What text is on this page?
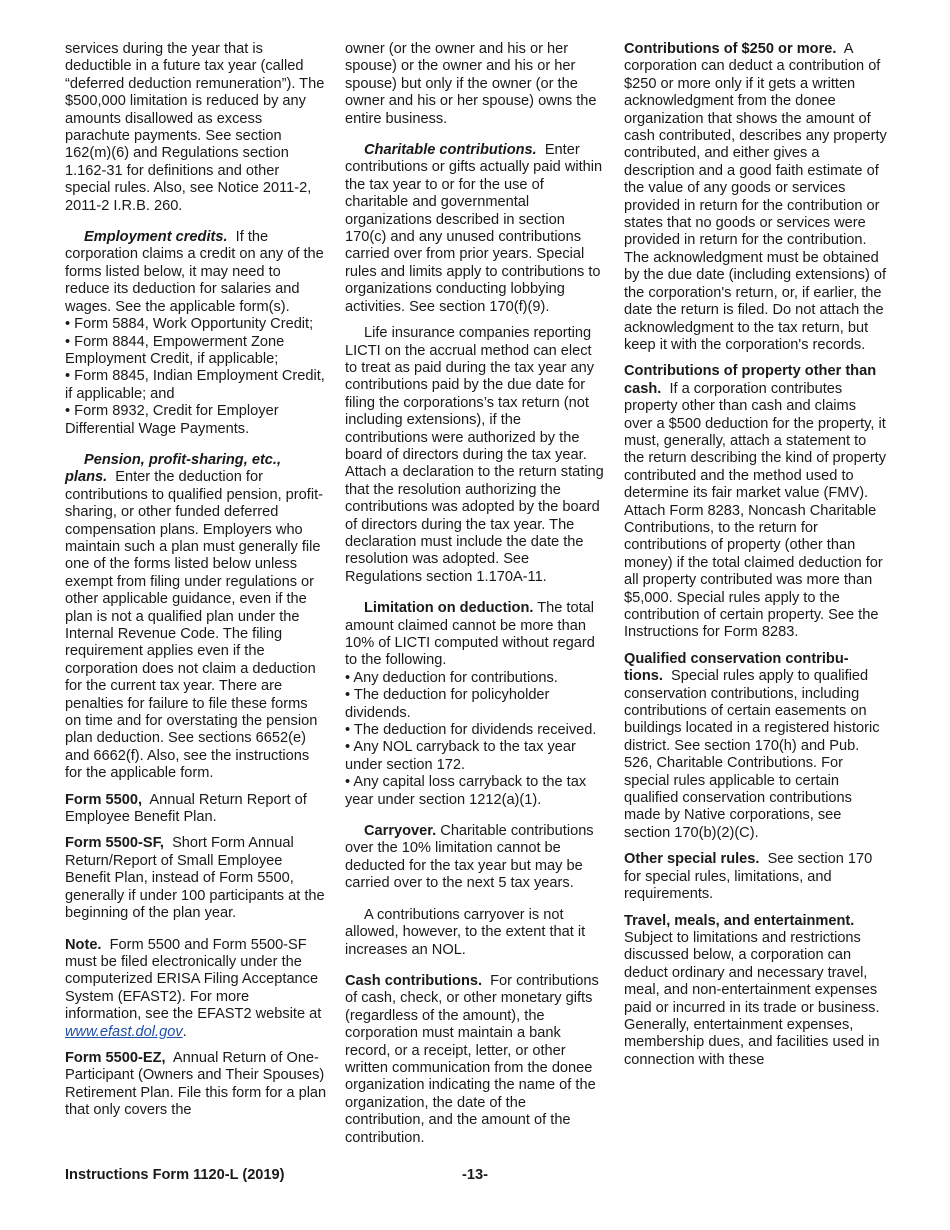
services during the year that is deductible in a future tax year (called “deferred deduction remuneration”). The $500,000 limitation is reduced by any amounts disallowed as excess parachute payments. See section 162(m)(6) and Regulations section 1.162-31 for definitions and other special rules. Also, see Notice 2011-2, 2011-2 I.R.B. 260.

Employment credits. If the corporation claims a credit on any of the forms listed below, it may need to reduce its deduction for salaries and wages. See the applicable form(s).

• Form 5884, Work Opportunity Credit;
• Form 8844, Empowerment Zone Employment Credit, if applicable;
• Form 8845, Indian Employment Credit, if applicable; and
• Form 8932, Credit for Employer Differential Wage Payments.

Pension, profit-sharing, etc., plans. Enter the deduction for contributions to qualified pension, profit-sharing, or other funded deferred compensation plans. Employers who maintain such a plan must generally file one of the forms listed below unless exempt from filing under regulations or other applicable guidance, even if the plan is not a qualified plan under the Internal Revenue Code. The filing requirement applies even if the corporation does not claim a deduction for the current tax year. There are penalties for failure to file these forms on time and for overstating the pension plan deduction. See sections 6652(e) and 6662(f). Also, see the instructions for the applicable form.

Form 5500, Annual Return Report of Employee Benefit Plan.

Form 5500-SF, Short Form Annual Return/Report of Small Employee Benefit Plan, instead of Form 5500, generally if under 100 participants at the beginning of the plan year.

Note. Form 5500 and Form 5500-SF must be filed electronically under the computerized ERISA Filing Acceptance System (EFAST2). For more information, see the EFAST2 website at www.efast.dol.gov.

Form 5500-EZ, Annual Return of One-Participant (Owners and Their Spouses) Retirement Plan. File this form for a plan that only covers the

owner (or the owner and his or her spouse) or the owner and his or her spouse) but only if the owner (or the owner and his or her spouse) owns the entire business.

Charitable contributions. Enter contributions or gifts actually paid within the tax year to or for the use of charitable and governmental organizations described in section 170(c) and any unused contributions carried over from prior years. Special rules and limits apply to contributions to organizations conducting lobbying activities. See section 170(f)(9).

Life insurance companies reporting LICTI on the accrual method can elect to treat as paid during the tax year any contributions paid by the due date for filing the corporations’s tax return (not including extensions), if the contributions were authorized by the board of directors during the tax year. Attach a declaration to the return stating that the resolution authorizing the contributions was adopted by the board of directors during the tax year. The declaration must include the date the resolution was adopted. See Regulations section 1.170A-11.

Limitation on deduction. The total amount claimed cannot be more than 10% of LICTI computed without regard to the following.

• Any deduction for contributions.
• The deduction for policyholder dividends.
• The deduction for dividends received.
• Any NOL carryback to the tax year under section 172.
• Any capital loss carryback to the tax year under section 1212(a)(1).

Carryover. Charitable contributions over the 10% limitation cannot be deducted for the tax year but may be carried over to the next 5 tax years.

A contributions carryover is not allowed, however, to the extent that it increases an NOL.

Cash contributions. For contributions of cash, check, or other monetary gifts (regardless of the amount), the corporation must maintain a bank record, or a receipt, letter, or other written communication from the donee organization indicating the name of the organization, the date of the contribution, and the amount of the contribution.

Contributions of $250 or more. A corporation can deduct a contribution of $250 or more only if it gets a written acknowledgment from the donee organization that shows the amount of cash contributed, describes any property contributed, and either gives a description and a good faith estimate of the value of any goods or services provided in return for the contribution or states that no goods or services were provided in return for the contribution. The acknowledgment must be obtained by the due date (including extensions) of the corporation's return, or, if earlier, the date the return is filed. Do not attach the acknowledgment to the tax return, but keep it with the corporation's records.

Contributions of property other than cash. If a corporation contributes property other than cash and claims over a $500 deduction for the property, it must, generally, attach a statement to the return describing the kind of property contributed and the method used to determine its fair market value (FMV). Attach Form 8283, Noncash Charitable Contributions, to the return for contributions of property (other than money) if the total claimed deduction for all property contributed was more than $5,000. Special rules apply to the contribution of certain property. See the Instructions for Form 8283.

Qualified conservation contribu- tions. Special rules apply to qualified conservation contributions, including contributions of certain easements on buildings located in a registered historic district. See section 170(h) and Pub. 526, Charitable Contributions. For special rules applicable to certain qualified conservation contributions made by Native corporations, see section 170(b)(2)(C).

Other special rules. See section 170 for special rules, limitations, and requirements.

Travel, meals, and entertainment. Subject to limitations and restrictions discussed below, a corporation can deduct ordinary and necessary travel, meal, and non-entertainment expenses paid or incurred in its trade or business. Generally, entertainment expenses, membership dues, and facilities used in connection with these

Instructions Form 1120-L (2019)	-13-
